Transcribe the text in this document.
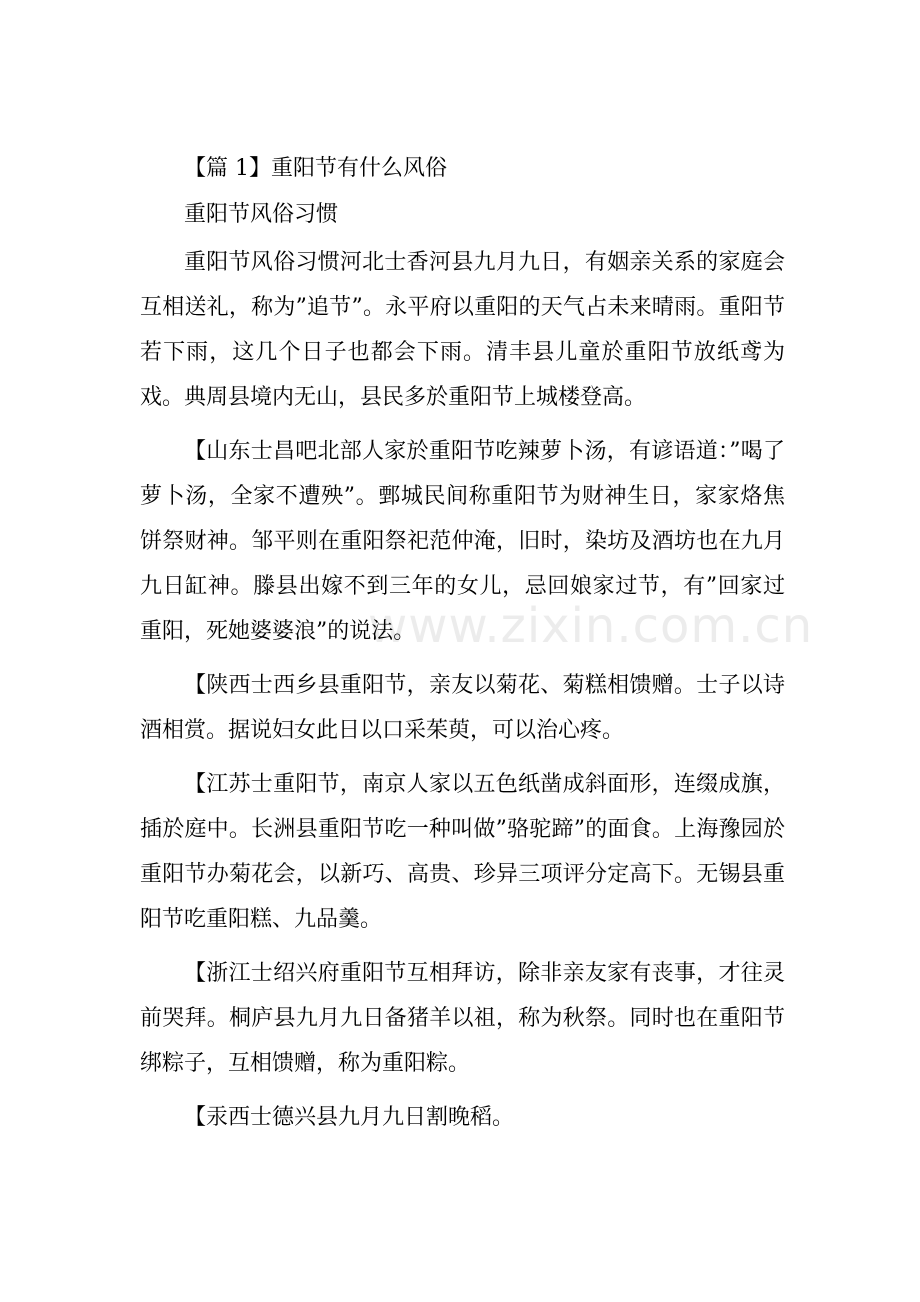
www.zixin.com.cn

【篇 1】重阳节有什么风俗

重阳节风俗习惯

重阳节风俗习惯河北士香河县九月九日，有姻亲关系的家庭会互相送礼，称为”追节”。永平府以重阳的天气占未来晴雨。重阳节若下雨，这几个日子也都会下雨。清丰县儿童於重阳节放纸鸢为戏。典周县境内无山，县民多於重阳节上城楼登高。

【山东士昌吧北部人家於重阳节吃辣萝卜汤，有谚语道：”喝了萝卜汤，全家不遭殃”。鄄城民间称重阳节为财神生日，家家烙焦饼祭财神。邹平则在重阳祭祀范仲淹，旧时，染坊及酒坊也在九月九日缸神。滕县出嫁不到三年的女儿，忌回娘家过节，有”回家过重阳，死她婆婆浪”的说法。

【陕西士西乡县重阳节，亲友以菊花、菊糕相馈赠。士子以诗酒相赏。据说妇女此日以口采茱萸，可以治心疼。

【江苏士重阳节，南京人家以五色纸凿成斜面形，连缀成旗，插於庭中。长洲县重阳节吃一种叫做”骆驼蹄”的面食。上海豫园於重阳节办菊花会，以新巧、高贵、珍异三项评分定高下。无锡县重阳节吃重阳糕、九品羹。

【浙江士绍兴府重阳节互相拜访，除非亲友家有丧事，才往灵前哭拜。桐庐县九月九日备猪羊以祖，称为秋祭。同时也在重阳节绑粽子，互相馈赠，称为重阳粽。

【汞西士德兴县九月九日割晚稻。
